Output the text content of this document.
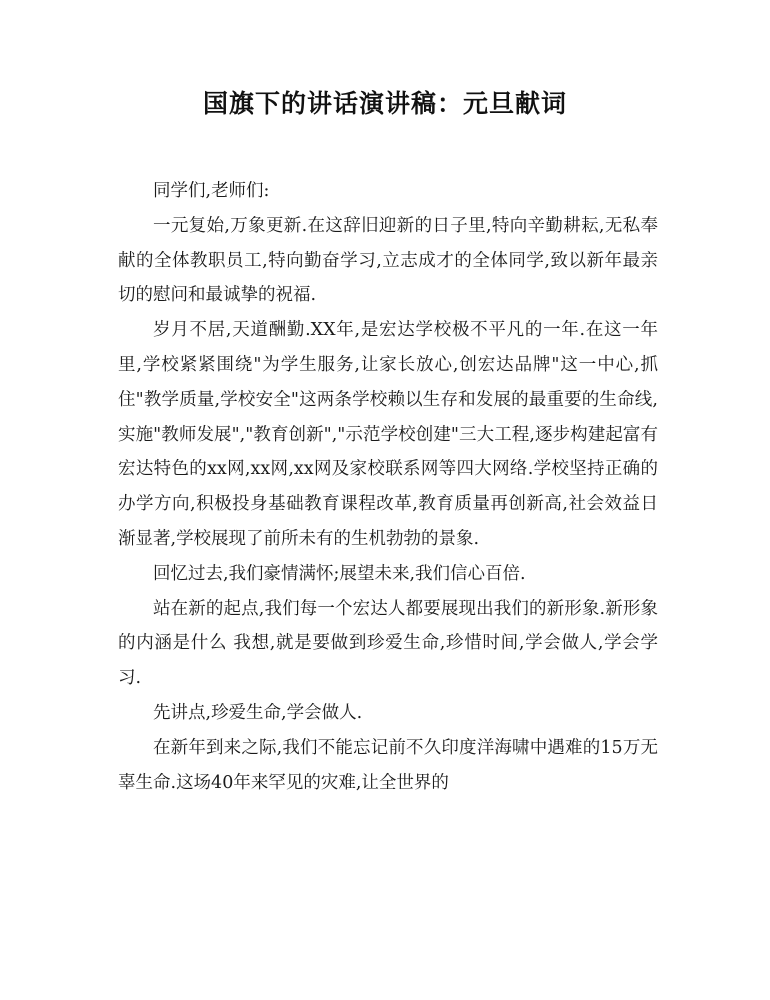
国旗下的讲话演讲稿：元旦献词

同学们,老师们:

一元复始,万象更新.在这辞旧迎新的日子里,特向辛勤耕耘,无私奉献的全体教职员工,特向勤奋学习,立志成才的全体同学,致以新年最亲切的慰问和最诚挚的祝福.

岁月不居,天道酬勤.XX年,是宏达学校极不平凡的一年.在这一年里,学校紧紧围绕"为学生服务,让家长放心,创宏达品牌"这一中心,抓住"教学质量,学校安全"这两条学校赖以生存和发展的最重要的生命线,实施"教师发展","教育创新","示范学校创建"三大工程,逐步构建起富有宏达特色的xx网,xx网,xx网及家校联系网等四大网络.学校坚持正确的办学方向,积极投身基础教育课程改革,教育质量再创新高,社会效益日渐显著,学校展现了前所未有的生机勃勃的景象.

回忆过去,我们豪情满怀;展望未来,我们信心百倍.

站在新的起点,我们每一个宏达人都要展现出我们的新形象.新形象的内涵是什么 我想,就是要做到珍爱生命,珍惜时间,学会做人,学会学习.

先讲点,珍爱生命,学会做人.

在新年到来之际,我们不能忘记前不久印度洋海啸中遇难的15万无辜生命.这场40年来罕见的灾难,让全世界的
